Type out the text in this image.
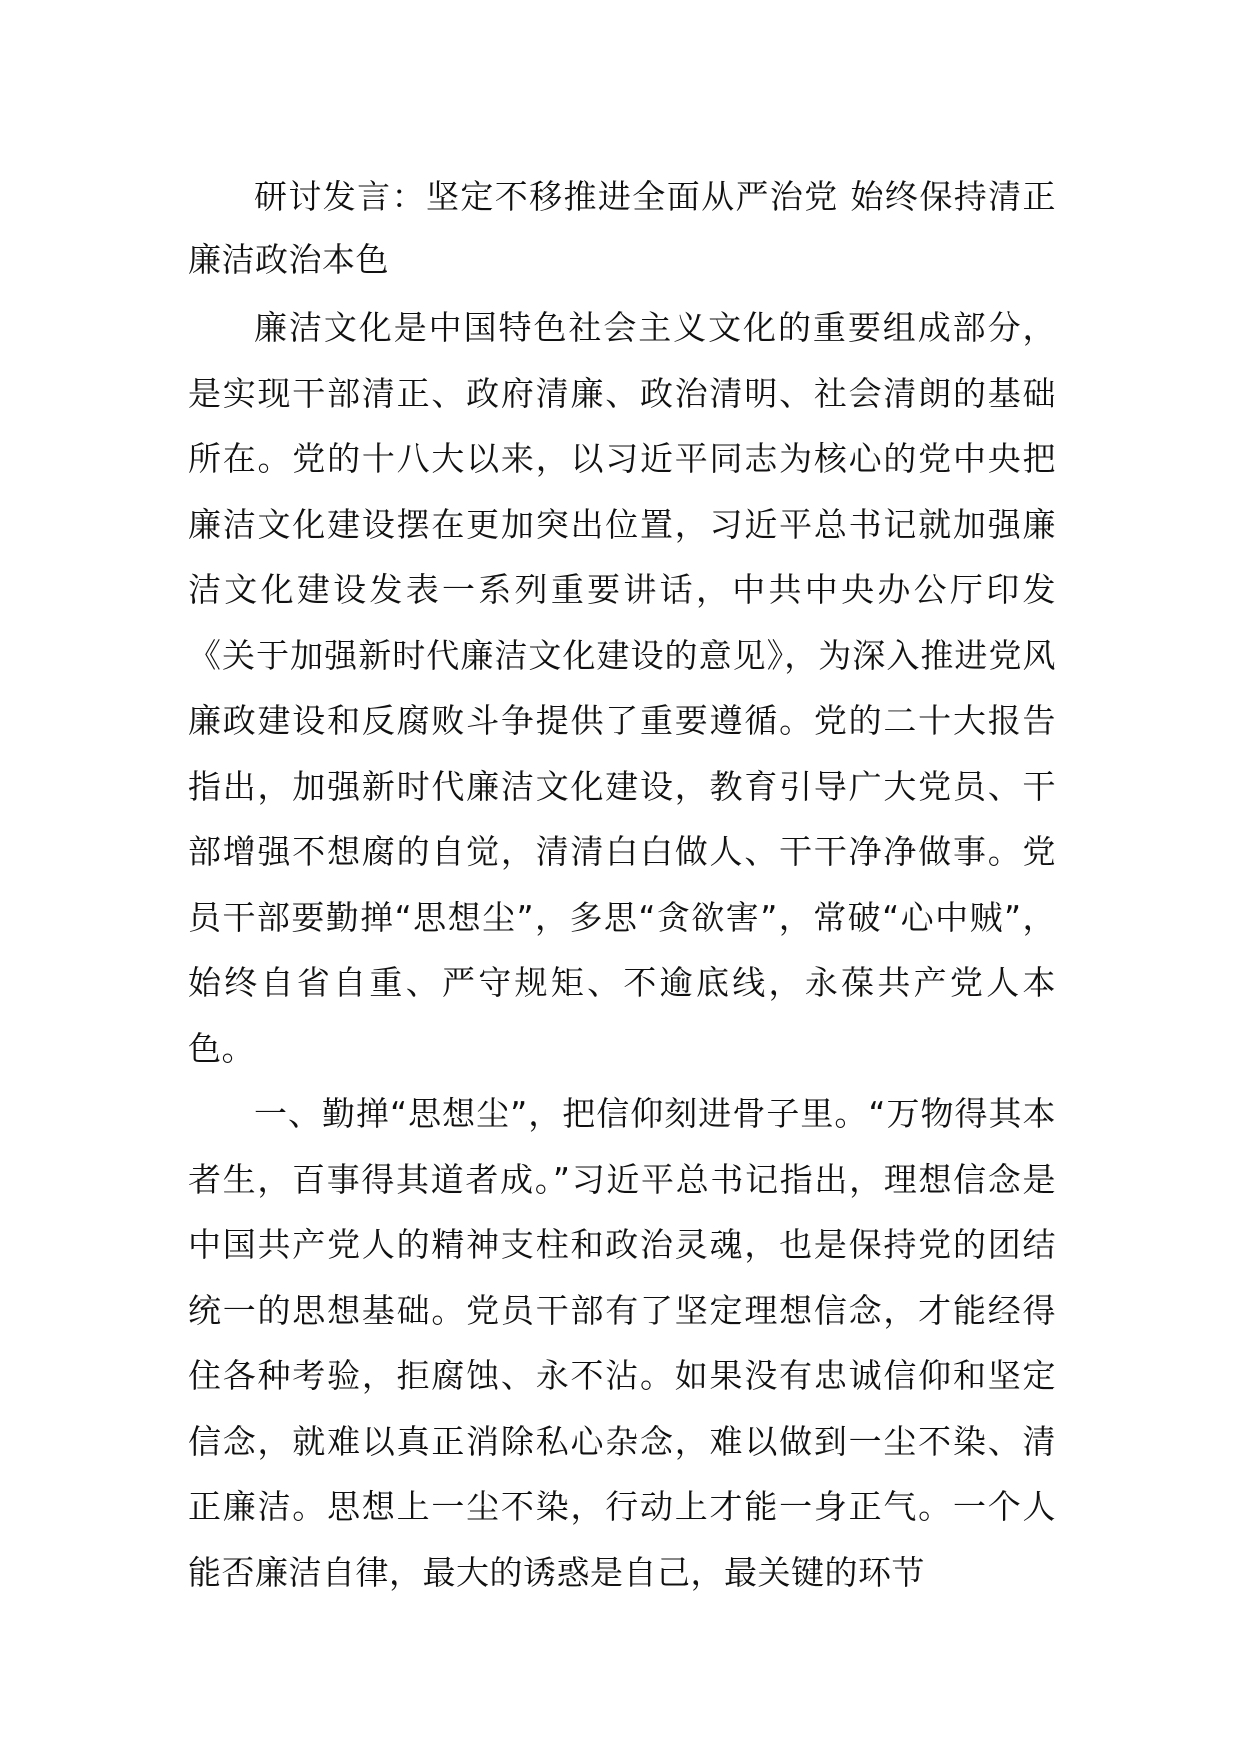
研讨发言：坚定不移推进全面从严治党 始终保持清正廉洁政治本色

廉洁文化是中国特色社会主义文化的重要组成部分，是实现干部清正、政府清廉、政治清明、社会清朗的基础所在。党的十八大以来，以习近平同志为核心的党中央把廉洁文化建设摆在更加突出位置，习近平总书记就加强廉洁文化建设发表一系列重要讲话，中共中央办公厅印发《关于加强新时代廉洁文化建设的意见》，为深入推进党风廉政建设和反腐败斗争提供了重要遵循。党的二十大报告指出，加强新时代廉洁文化建设，教育引导广大党员、干部增强不想腐的自觉，清清白白做人、干干净净做事。党员干部要勤掸“思想尘”，多思“贪欲害”，常破“心中贼”，始终自省自重、严守规矩、不逾底线，永葆共产党人本色。

一、勤掸“思想尘”，把信仰刻进骨子里。“万物得其本者生，百事得其道者成。”习近平总书记指出，理想信念是中国共产党人的精神支柱和政治灵魂，也是保持党的团结统一的思想基础。党员干部有了坚定理想信念，才能经得住各种考验，拒腐蚀、永不沾。如果没有忠诚信仰和坚定信念，就难以真正消除私心杂念，难以做到一尘不染、清正廉洁。思想上一尘不染，行动上才能一身正气。一个人能否廉洁自律，最大的诱惑是自己，最关键的环节
